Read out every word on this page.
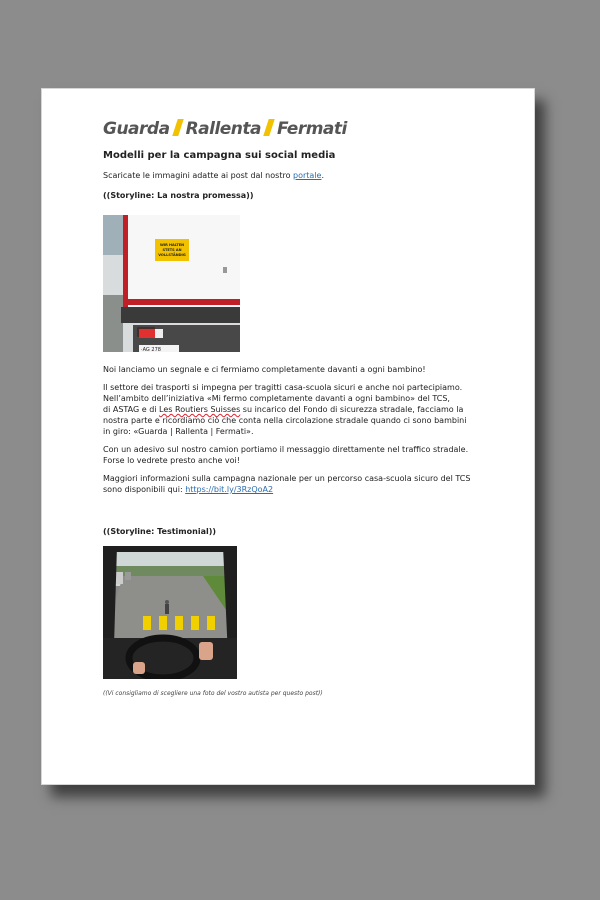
Guarda Rallenta Fermati
Modelli per la campagna sui social media
Scaricate le immagini adatte ai post dal nostro portale.
((Storyline: La nostra promessa))
WIR HALTEN
STETS AN
VOLLSTÄNDIG
·AG 278
Noi lanciamo un segnale e ci fermiamo completamente davanti a ogni bambino!
Il settore dei trasporti si impegna per tragitti casa-scuola sicuri e anche noi partecipiamo.
Nell’ambito dell’iniziativa «Mi fermo completamente davanti a ogni bambino» del TCS,
di ASTAG e di Les Routiers Suisses su incarico del Fondo di sicurezza stradale, facciamo la
nostra parte e ricordiamo ciò che conta nella circolazione stradale quando ci sono bambini
in giro: «Guarda | Rallenta | Fermati».
Con un adesivo sul nostro camion portiamo il messaggio direttamente nel traffico stradale.
Forse lo vedrete presto anche voi!
Maggiori informazioni sulla campagna nazionale per un percorso casa-scuola sicuro del TCS
sono disponibili qui: https://bit.ly/3RzQoA2
((Storyline: Testimonial))
((Vi consigliamo di scegliere una foto del vostro autista per questo post))
